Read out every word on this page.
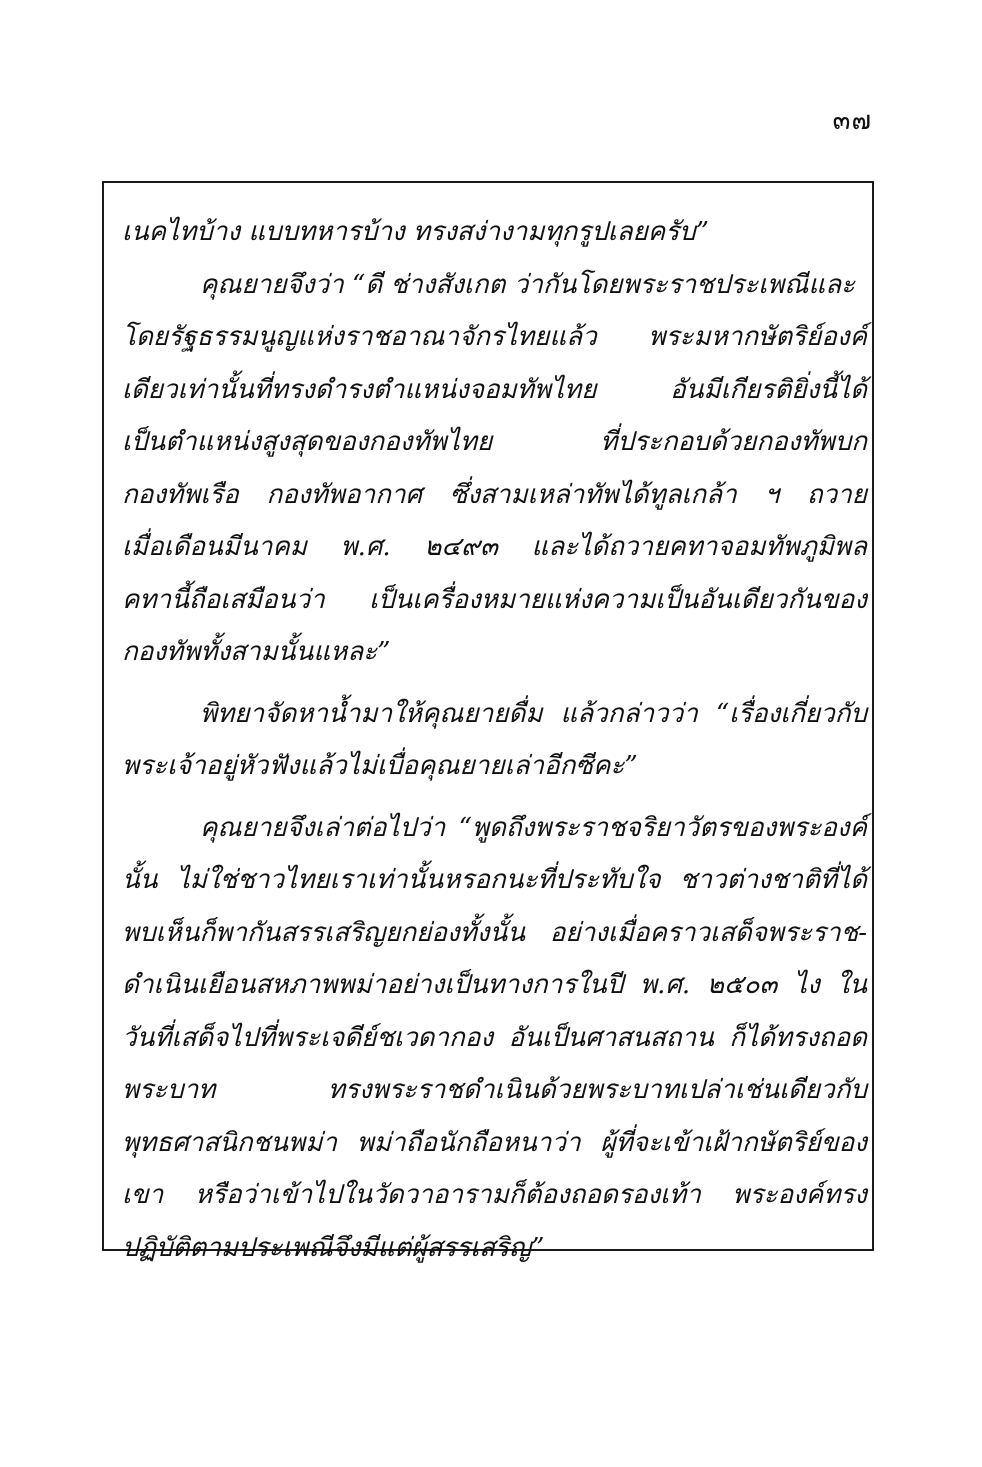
๓๗
เนคไทบ้าง แบบทหารบ้าง ทรงสง่างามทุกรูปเลยครับ”
คุณยายจึงว่า “ดี ช่างสังเกต ว่ากันโดยพระราชประเพณีและ
โดยรัฐธรรมนูญแห่งราชอาณาจักรไทยแล้ว พระมหากษัตริย์องค์
เดียวเท่านั้นที่ทรงดำรงตำแหน่งจอมทัพไทย อันมีเกียรติยิ่งนี้ได้
เป็นตำแหน่งสูงสุดของกองทัพไทย ที่ประกอบด้วยกองทัพบก
กองทัพเรือ กองทัพอากาศ ซึ่งสามเหล่าทัพได้ทูลเกล้า ฯ ถวาย
เมื่อเดือนมีนาคม พ.ศ. ๒๔๙๓ และได้ถวายคทาจอมทัพภูมิพล
คทานี้ถือเสมือนว่า เป็นเครื่องหมายแห่งความเป็นอันเดียวกันของ
กองทัพทั้งสามนั้นแหละ”
พิทยาจัดหาน้ำมาให้คุณยายดื่ม แล้วกล่าวว่า “เรื่องเกี่ยวกับ
พระเจ้าอยู่หัวฟังแล้วไม่เบื่อคุณยายเล่าอีกซีคะ”
คุณยายจึงเล่าต่อไปว่า “พูดถึงพระราชจริยาวัตรของพระองค์
นั้น ไม่ใช่ชาวไทยเราเท่านั้นหรอกนะที่ประทับใจ ชาวต่างชาติที่ได้
พบเห็นก็พากันสรรเสริญยกย่องทั้งนั้น อย่างเมื่อคราวเสด็จพระราช-
ดำเนินเยือนสหภาพพม่าอย่างเป็นทางการในปี พ.ศ. ๒๕๐๓ ไง ใน
วันที่เสด็จไปที่พระเจดีย์ชเวดากอง อันเป็นศาสนสถาน ก็ได้ทรงถอด
พระบาท ทรงพระราชดำเนินด้วยพระบาทเปล่าเช่นเดียวกับ
พุทธศาสนิกชนพม่า พม่าถือนักถือหนาว่า ผู้ที่จะเข้าเฝ้ากษัตริย์ของ
เขา หรือว่าเข้าไปในวัดวาอารามก็ต้องถอดรองเท้า พระองค์ทรง
ปฏิบัติตามประเพณีจึงมีแต่ผู้สรรเสริญ”
